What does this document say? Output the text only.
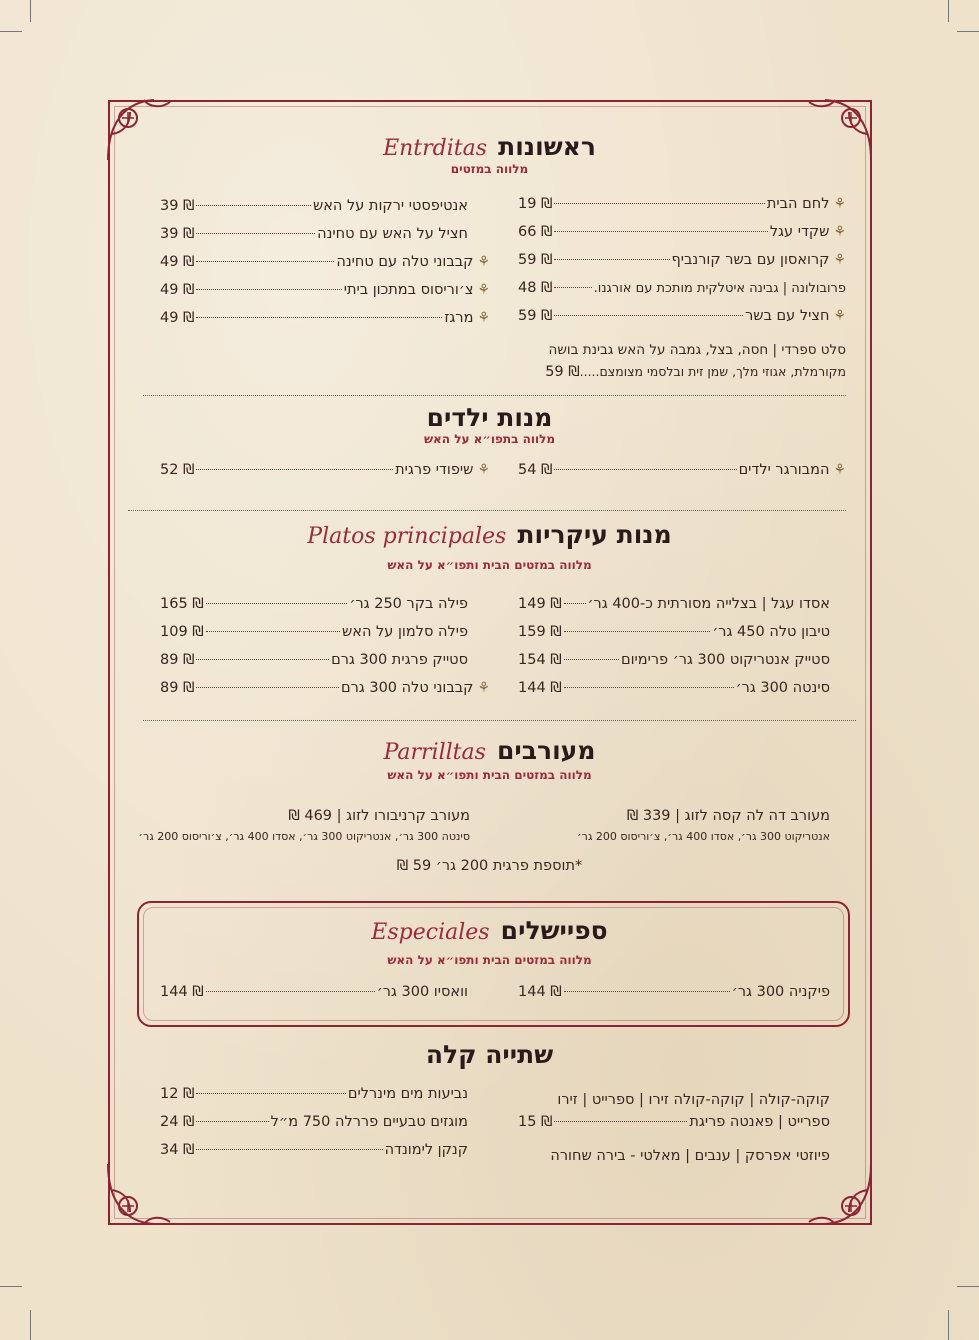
ראשונות Entrditas
מלווה במזטים
⚘
לחם הבית
19 ₪
⚘
שקדי עגל
66 ₪
⚘
קרואסון עם בשר קורנביף
59 ₪
פרובולונה | גבינה איטלקית מותכת עם אורגנו.
48 ₪
⚘
חציל עם בשר
59 ₪
סלט ספרדי | חסה, בצל, גמבה על האש גבינת בושה
מקורמלת, אגוזי מלך, שמן זית ובלסמי מצומצם.....
59 ₪
אנטיפסטי ירקות על האש
39 ₪
חציל על האש עם טחינה
39 ₪
⚘
קבבוני טלה עם טחינה
49 ₪
⚘
צ׳וריסוס במתכון ביתי
49 ₪
⚘
מרגז
49 ₪
מנות ילדים
מלווה בתפו״א על האש
⚘
המבורגר ילדים
54 ₪
⚘
שיפודי פרגית
52 ₪
מנות עיקריות Platos principales
מלווה במזטים הבית ותפו״א על האש
אסדו עגל | בצלייה מסורתית כ-400 גר׳
149 ₪
טיבון טלה 450 גר׳
159 ₪
סטייק אנטריקוט 300 גר׳ פרימיום
154 ₪
סינטה 300 גר׳
144 ₪
פילה בקר 250 גר׳
165 ₪
פילה סלמון על האש
109 ₪
סטייק פרגית 300 גרם
89 ₪
⚘
קבבוני טלה 300 גרם
89 ₪
מעורבים Parrilltas
מלווה במזטים הבית ותפו״א על האש
מעורב דה לה קסה לזוג | 339 ₪
אנטריקוט 300 גר׳, אסדו 400 גר׳, צ׳וריסוס 200 גר׳
מעורב קרניבורו לזוג | 469 ₪
סינטה 300 גר׳, אנטריקוט 300 גר׳, אסדו 400 גר׳, צ׳וריסוס 200 גר׳
*תוספת פרגית 200 גר׳ 59 ₪
ספיישלים Especiales
מלווה במזטים הבית ותפו״א על האש
פיקניה 300 גר׳
144 ₪
וואסיו 300 גר׳
144 ₪
שתייה קלה
קוקה-קולה | קוקה-קולה זירו | ספרייט | זירו
ספרייט | פאנטה פריגת
15 ₪
פיוזטי אפרסק | ענבים | מאלטי - בירה שחורה
נביעות מים מינרלים
12 ₪
מוגזים טבעיים פררלה 750 מ״ל
24 ₪
קנקן לימונדה
34 ₪
